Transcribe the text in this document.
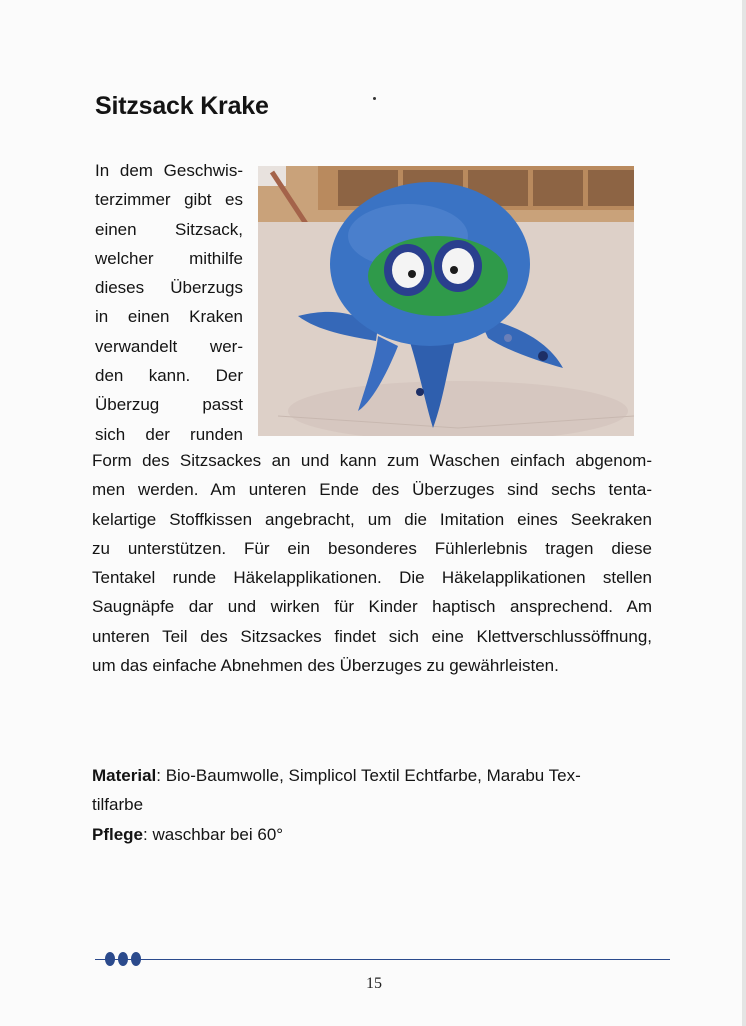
Sitzsack Krake

In dem Geschwis-
terzimmer gibt es
einen Sitzsack,
welcher mithilfe
dieses Überzugs
in einen Kraken
verwandelt wer-
den kann. Der
Überzug passt
sich der runden

Form des Sitzsackes an und kann zum Waschen einfach abgenom-
men werden. Am unteren Ende des Überzuges sind sechs tenta-
kelartige Stoffkissen angebracht, um die Imitation eines Seekraken
zu unterstützen. Für ein besonderes Fühlerlebnis tragen diese
Tentakel runde Häkelapplikationen. Die Häkelapplikationen stellen
Saugnäpfe dar und wirken für Kinder haptisch ansprechend. Am
unteren Teil des Sitzsackes findet sich eine Klettverschlussöffnung,
um das einfache Abnehmen des Überzuges zu gewährleisten.

Material: Bio-Baumwolle, Simplicol Textil Echtfarbe, Marabu Tex-
tilfarbe
Pflege: waschbar bei 60°

15
